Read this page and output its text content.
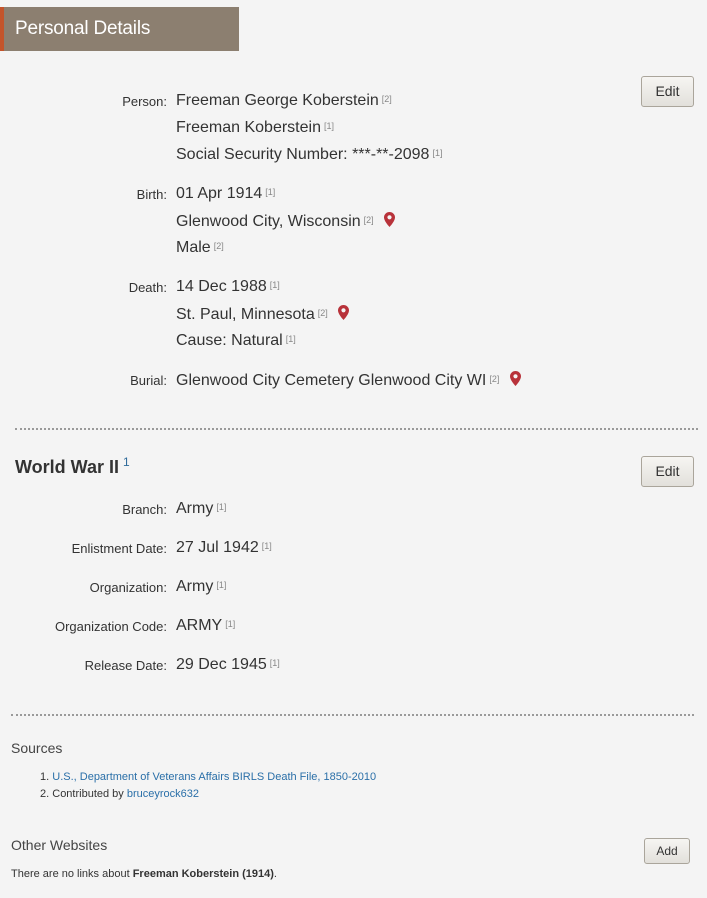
Personal Details
Edit
Person: Freeman George Koberstein [2]
Freeman Koberstein [1]
Social Security Number: ***-**-2098 [1]
Birth: 01 Apr 1914 [1]
Glenwood City, Wisconsin [2]
Male [2]
Death: 14 Dec 1988 [1]
St. Paul, Minnesota [2]
Cause: Natural [1]
Burial: Glenwood City Cemetery Glenwood City WI [2]
World War II $^1$
Edit
Branch: Army [1]
Enlistment Date: 27 Jul 1942 [1]
Organization: Army [1]
Organization Code: ARMY [1]
Release Date: 29 Dec 1945 [1]
Sources
1. U.S., Department of Veterans Affairs BIRLS Death File, 1850-2010
2. Contributed by bruceyrock632
Other Websites	Add
There are no links about Freeman Koberstein (1914).
